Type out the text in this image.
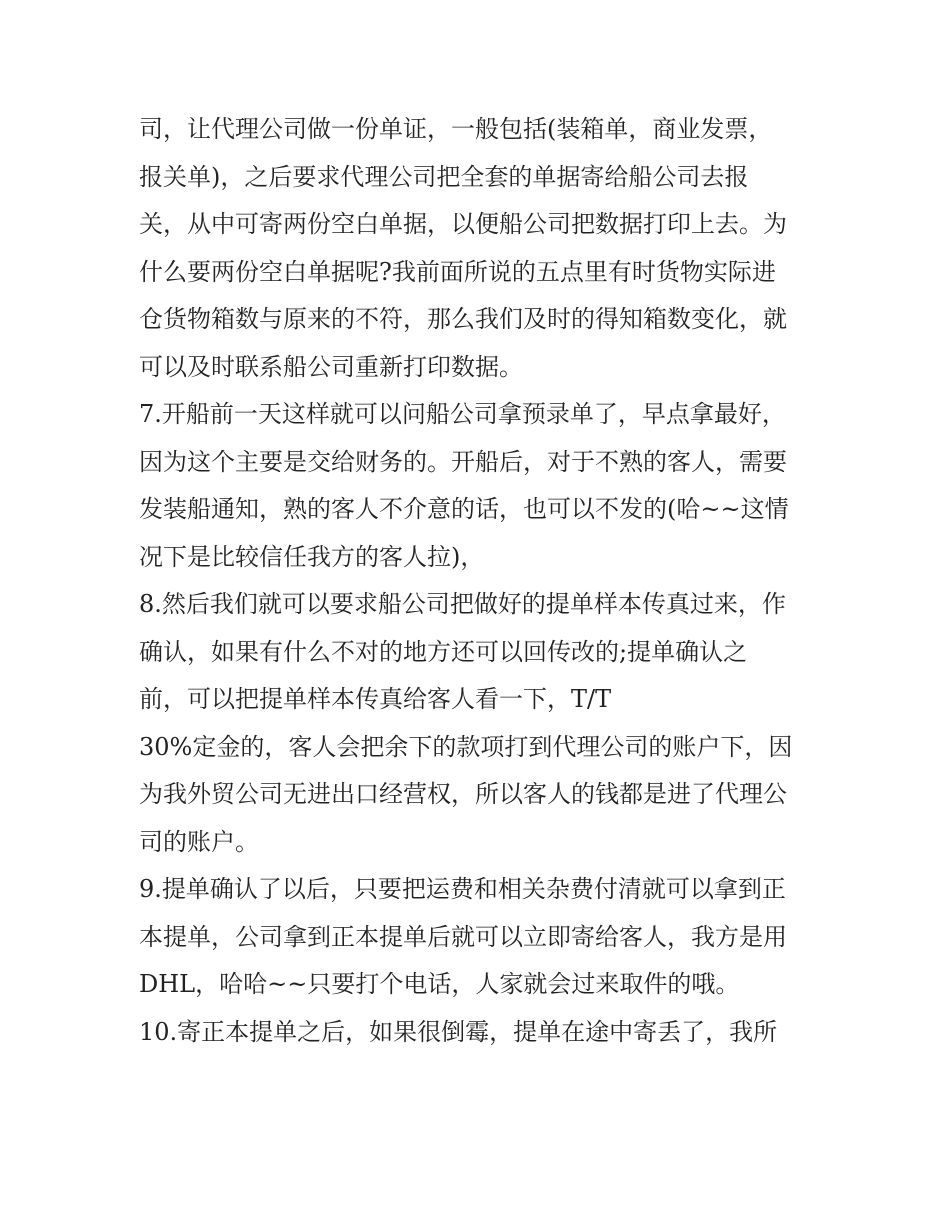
司，让代理公司做一份单证，一般包括(装箱单，商业发票，
报关单)，之后要求代理公司把全套的单据寄给船公司去报
关，从中可寄两份空白单据，以便船公司把数据打印上去。为
什么要两份空白单据呢?我前面所说的五点里有时货物实际进
仓货物箱数与原来的不符，那么我们及时的得知箱数变化，就
可以及时联系船公司重新打印数据。
7.开船前一天这样就可以问船公司拿预录单了，早点拿最好，
因为这个主要是交给财务的。开船后，对于不熟的客人，需要
发装船通知，熟的客人不介意的话，也可以不发的(哈~~这情
况下是比较信任我方的客人拉)，
8.然后我们就可以要求船公司把做好的提单样本传真过来，作
确认，如果有什么不对的地方还可以回传改的;提单确认之
前，可以把提单样本传真给客人看一下，T/T
30%定金的，客人会把余下的款项打到代理公司的账户下，因
为我外贸公司无进出口经营权，所以客人的钱都是进了代理公
司的账户。
9.提单确认了以后，只要把运费和相关杂费付清就可以拿到正
本提单，公司拿到正本提单后就可以立即寄给客人，我方是用
DHL，哈哈~~只要打个电话，人家就会过来取件的哦。
10.寄正本提单之后，如果很倒霉，提单在途中寄丢了，我所
